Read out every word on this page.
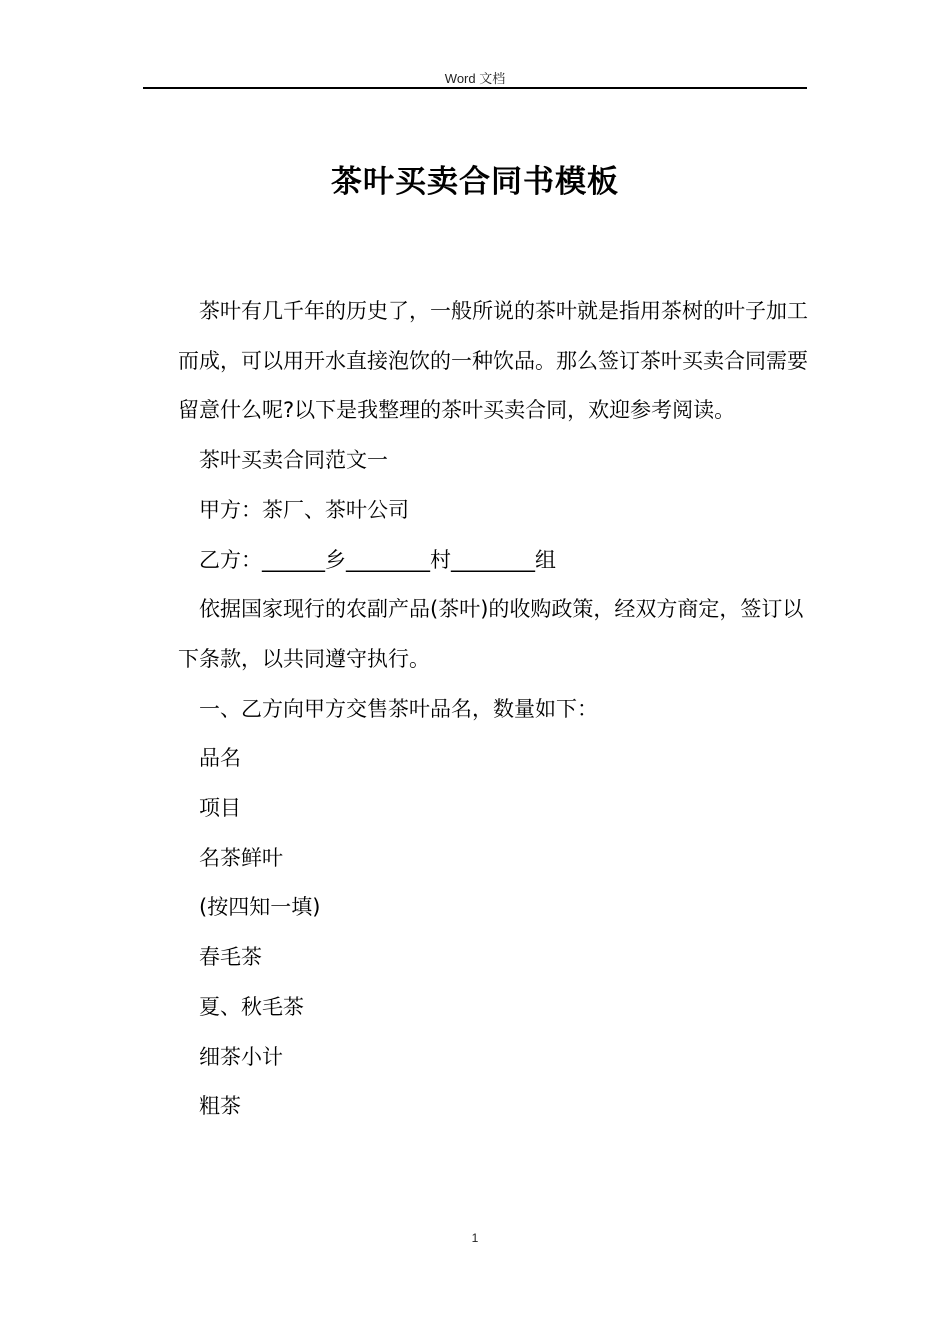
Word 文档
茶叶买卖合同书模板

茶叶有几千年的历史了，一般所说的茶叶就是指用茶树的叶子加工而成，可以用开水直接泡饮的一种饮品。那么签订茶叶买卖合同需要留意什么呢?以下是我整理的茶叶买卖合同，欢迎参考阅读。

茶叶买卖合同范文一

甲方：茶厂、茶叶公司

乙方：______乡________村________组

依据国家现行的农副产品(茶叶)的收购政策，经双方商定，签订以下条款，以共同遵守执行。

一、乙方向甲方交售茶叶品名，数量如下：

品名

项目

名茶鲜叶

(按四知一填)

春毛茶

夏、秋毛茶

细茶小计

粗茶

1
